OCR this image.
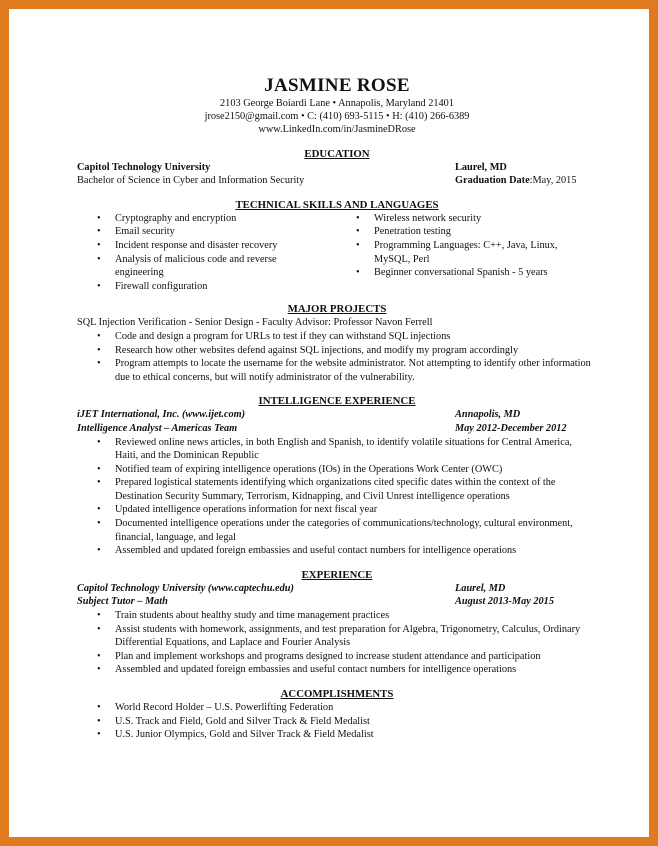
JASMINE ROSE
2103 George Boiardi Lane • Annapolis, Maryland 21401
jrose2150@gmail.com • C: (410) 693-5115 • H: (410) 266-6389
www.LinkedIn.com/in/JasmineDRose
EDUCATION
Capitol Technology University	Laurel, MD
Bachelor of Science in Cyber and Information Security	Graduation Date:May, 2015
TECHNICAL SKILLS AND LANGUAGES
• Cryptography and encryption
• Email security
• Incident response and disaster recovery
• Analysis of malicious code and reverse engineering
• Firewall configuration
• Wireless network security
• Penetration testing
• Programming Languages: C++, Java, Linux, MySQL, Perl
• Beginner conversational Spanish - 5 years
MAJOR PROJECTS
SQL Injection Verification - Senior Design - Faculty Advisor: Professor Navon Ferrell
• Code and design a program for URLs to test if they can withstand SQL injections
• Research how other websites defend against SQL injections, and modify my program accordingly
• Program attempts to locate the username for the website administrator. Not attempting to identify other information due to ethical concerns, but will notify administrator of the vulnerability.
INTELLIGENCE EXPERIENCE
iJET International, Inc. (www.ijet.com)	Annapolis, MD
Intelligence Analyst – Americas Team	May 2012-December 2012
• Reviewed online news articles, in both English and Spanish, to identify volatile situations for Central America, Haiti, and the Dominican Republic
• Notified team of expiring intelligence operations (IOs) in the Operations Work Center (OWC)
• Prepared logistical statements identifying which organizations cited specific dates within the context of the Destination Security Summary, Terrorism, Kidnapping, and Civil Unrest intelligence operations
• Updated intelligence operations information for next fiscal year
• Documented intelligence operations under the categories of communications/technology, cultural environment, financial, language, and legal
• Assembled and updated foreign embassies and useful contact numbers for intelligence operations
EXPERIENCE
Capitol Technology University (www.captechu.edu)	Laurel, MD
Subject Tutor – Math	August 2013-May 2015
• Train students about healthy study and time management practices
• Assist students with homework, assignments, and test preparation for Algebra, Trigonometry, Calculus, Ordinary Differential Equations, and Laplace and Fourier Analysis
• Plan and implement workshops and programs designed to increase student attendance and participation
• Assembled and updated foreign embassies and useful contact numbers for intelligence operations
ACCOMPLISHMENTS
• World Record Holder – U.S. Powerlifting Federation
• U.S. Track and Field, Gold and Silver Track & Field Medalist
• U.S. Junior Olympics, Gold and Silver Track & Field Medalist
